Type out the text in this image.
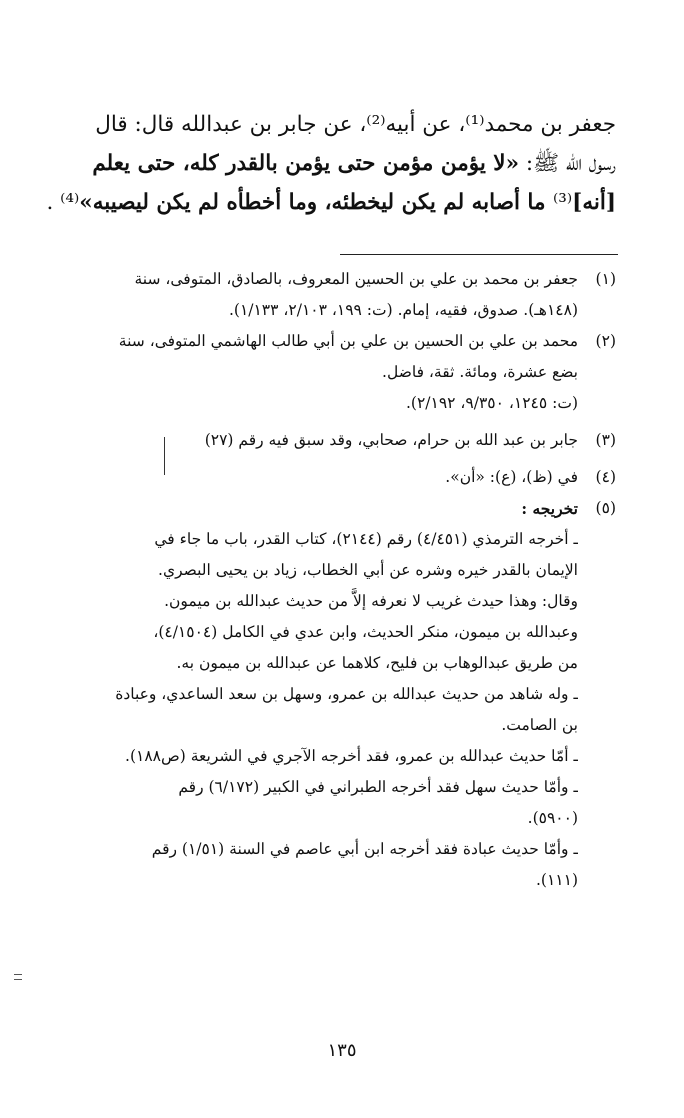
جعفر بن محمد⁽¹⁾، عن أبيه⁽²⁾، عن جابر بن عبدالله قال: قال
رسول الله ﷺ: «لا يؤمن مؤمن حتى يؤمن بالقدر كله، حتى يعلم
[أنه]⁽³⁾ ما أصابه لم يكن ليخطئه، وما أخطأه لم يكن ليصيبه»⁽⁴⁾ .
(١)
جعفر بن محمد بن علي بن الحسين المعروف، بالصادق، المتوفى، سنة
(١٤٨هـ). صدوق، فقيه، إمام. (ت: ١٩٩، ٢/١٠٣، ١/١٣٣).
(٢)
محمد بن علي بن الحسين بن علي بن أبي طالب الهاشمي المتوفى، سنة
بضع عشرة، ومائة. ثقة، فاضل.
(ت: ١٢٤٥، ٩/٣٥٠، ٢/١٩٢).
(٣)
جابر بن عبد الله بن حرام، صحابي، وقد سبق فيه رقم (٢٧)
(٤)
في (ظ)، (ع): «أن».
(٥)
تخريجه :
ـ أخرجه الترمذي (٤/٤٥١) رقم (٢١٤٤)، كتاب القدر، باب ما جاء في
الإيمان بالقدر خيره وشره عن أبي الخطاب، زياد بن يحيى البصري.
وقال: وهذا حيدث غريب لا نعرفه إلاَّ من حديث عبدالله بن ميمون.
وعبدالله بن ميمون، منكر الحديث، وابن عدي في الكامل (٤/١٥٠٤)،
من طريق عبدالوهاب بن فليح، كلاهما عن عبدالله بن ميمون به.
ـ وله شاهد من حديث عبدالله بن عمرو، وسهل بن سعد الساعدي، وعبادة
بن الصامت.
ـ أمّا حديث عبدالله بن عمرو، فقد أخرجه الآجري في الشريعة (ص١٨٨).
ـ وأمّا حديث سهل فقد أخرجه الطبراني في الكبير (٦/١٧٢) رقم
(٥٩٠٠).
ـ وأمّا حديث عبادة فقد أخرجه ابن أبي عاصم في السنة (١/٥١) رقم
(١١١).
١٣٥
